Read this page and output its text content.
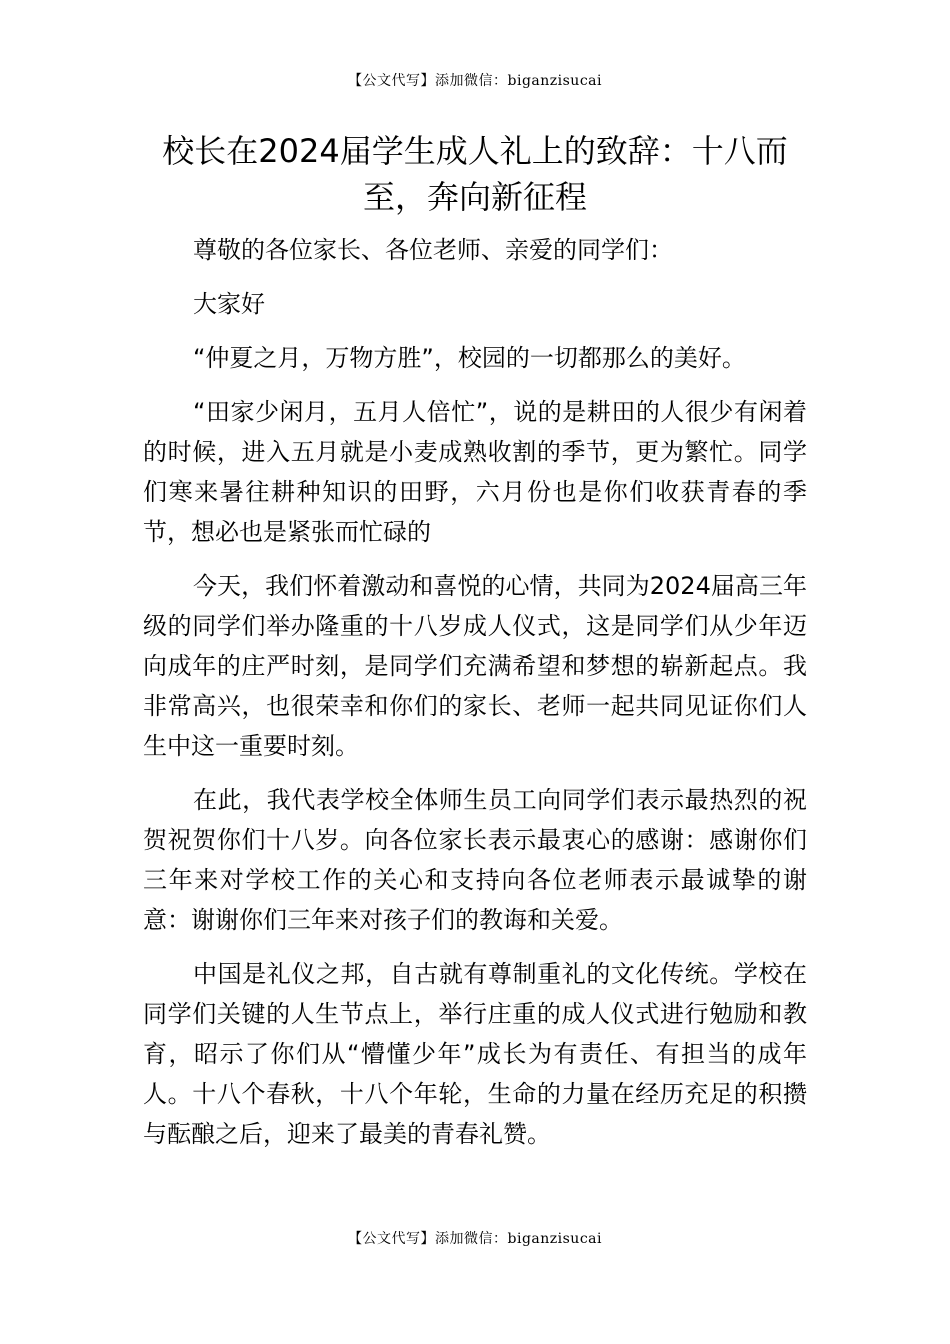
【公文代写】添加微信：biganzisucai
校长在2024届学生成人礼上的致辞：十八而至，奔向新征程

尊敬的各位家长、各位老师、亲爱的同学们：

大家好

“仲夏之月，万物方胜”，校园的一切都那么的美好。

“田家少闲月，五月人倍忙”，说的是耕田的人很少有闲着的时候，进入五月就是小麦成熟收割的季节，更为繁忙。同学们寒来暑往耕种知识的田野，六月份也是你们收获青春的季节，想必也是紧张而忙碌的

今天，我们怀着激动和喜悦的心情，共同为2024届高三年级的同学们举办隆重的十八岁成人仪式，这是同学们从少年迈向成年的庄严时刻，是同学们充满希望和梦想的崭新起点。我非常高兴，也很荣幸和你们的家长、老师一起共同见证你们人生中这一重要时刻。

在此，我代表学校全体师生员工向同学们表示最热烈的祝贺祝贺你们十八岁。向各位家长表示最衷心的感谢：感谢你们三年来对学校工作的关心和支持向各位老师表示最诚挚的谢意：谢谢你们三年来对孩子们的教诲和关爱。

中国是礼仪之邦，自古就有尊制重礼的文化传统。学校在同学们关键的人生节点上，举行庄重的成人仪式进行勉励和教育，昭示了你们从“懵懂少年”成长为有责任、有担当的成年人。十八个春秋，十八个年轮，生命的力量在经历充足的积攒与酝酿之后，迎来了最美的青春礼赞。

【公文代写】添加微信：biganzisucai
